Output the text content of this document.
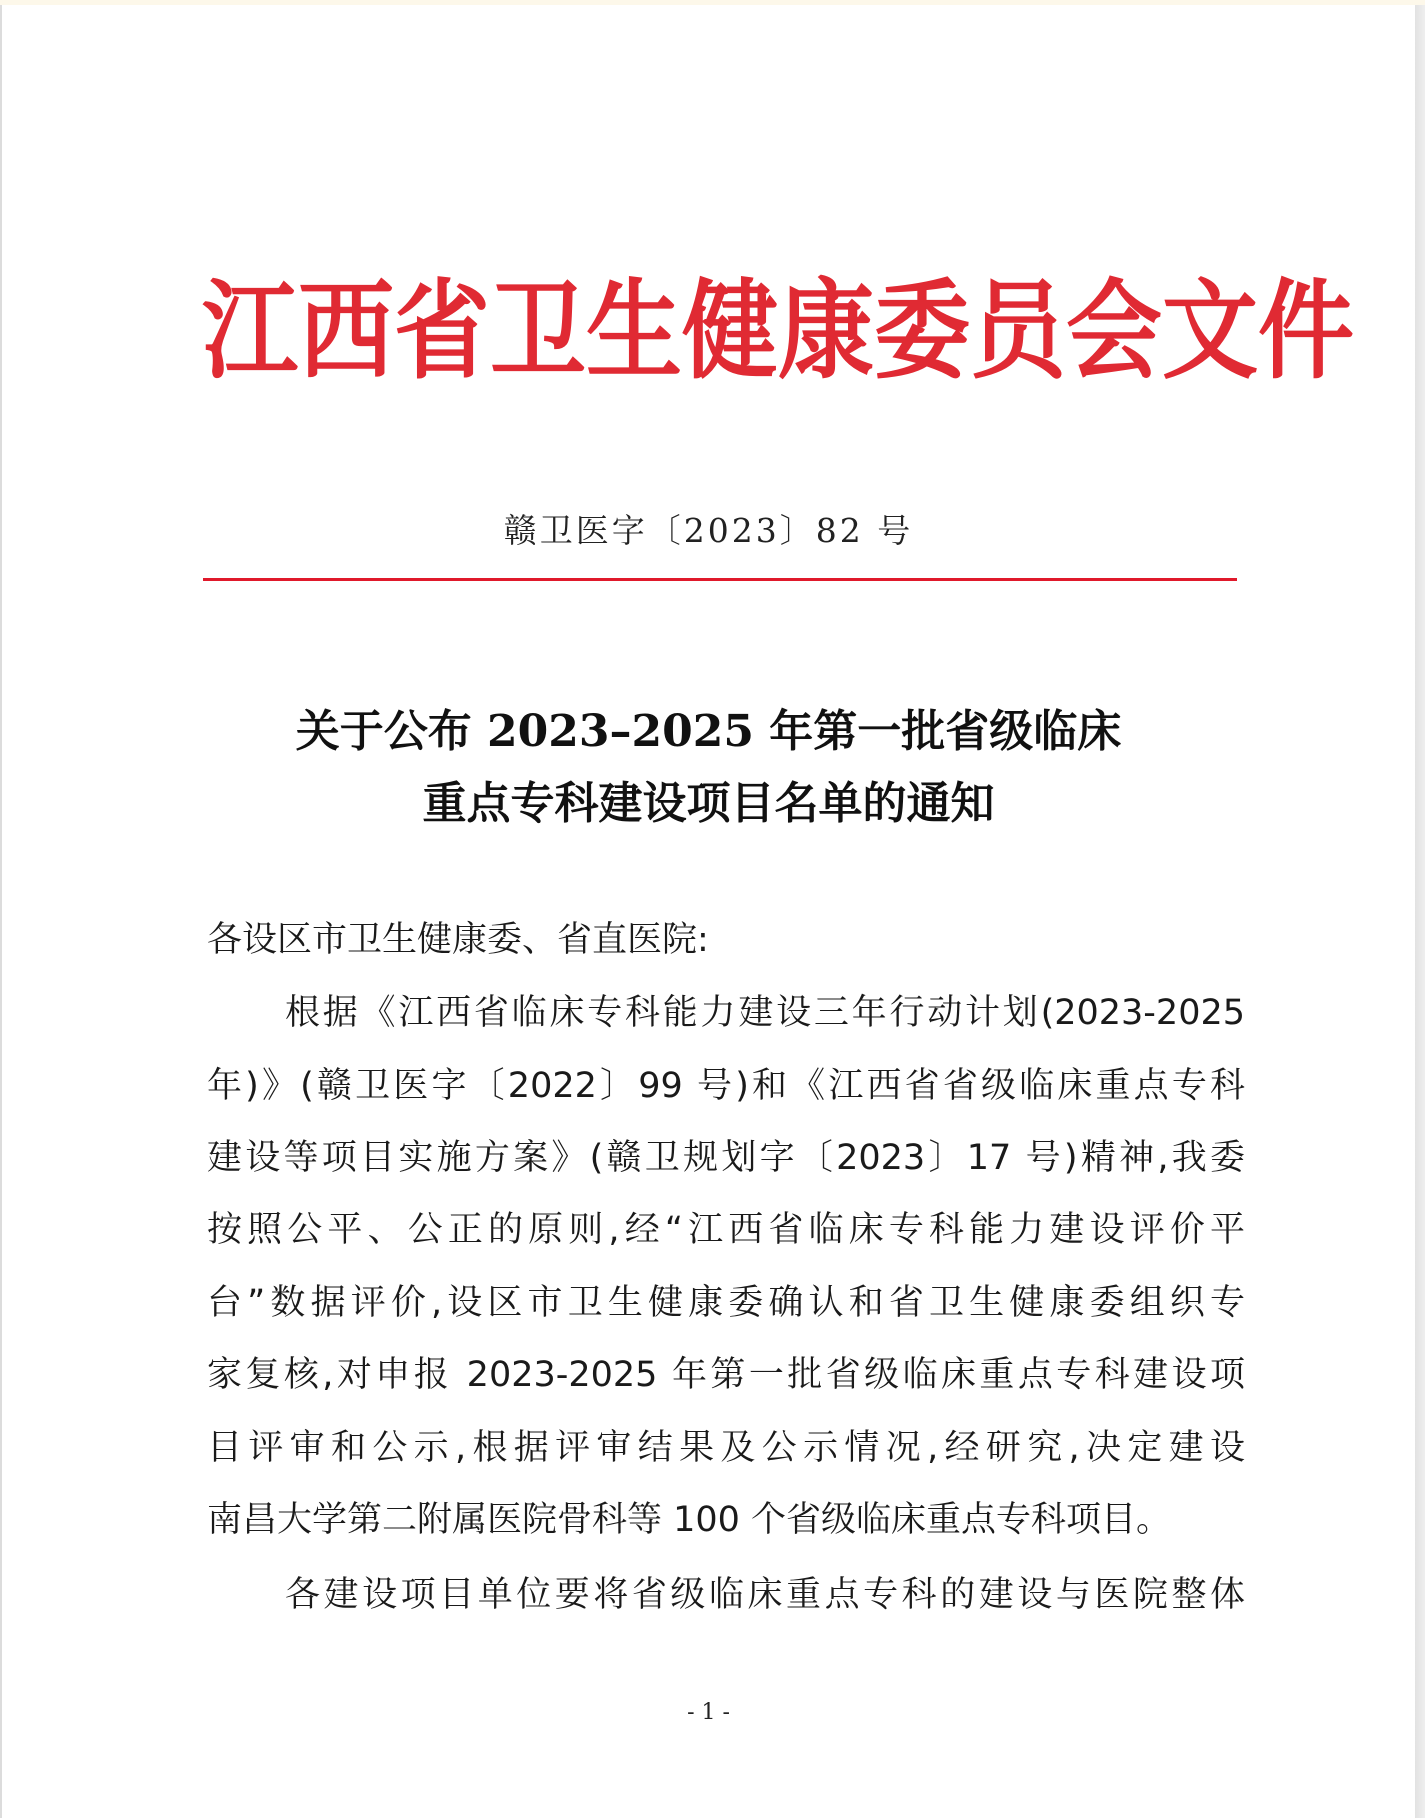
江 西 省 卫 生 健 康 委 员 会 文 件
赣卫医字〔2023〕82 号
关于公布 2023–2025 年第一批省级临床
重点专科建设项目名单的通知
各设区市卫生健康委、省直医院:
根据《江西省临床专科能力建设三年行动计划(2023-2025
年)》(赣卫医字〔2022〕99 号)和《江西省省级临床重点专科
建设等项目实施方案》(赣卫规划字〔2023〕17 号)精神,我委
按照公平、公正的原则,经“江西省临床专科能力建设评价平
台”数据评价,设区市卫生健康委确认和省卫生健康委组织专
家复核,对申报 2023-2025 年第一批省级临床重点专科建设项
目评审和公示,根据评审结果及公示情况,经研究,决定建设
南昌大学第二附属医院骨科等 100 个省级临床重点专科项目。
各建设项目单位要将省级临床重点专科的建设与医院整体
- 1 -
